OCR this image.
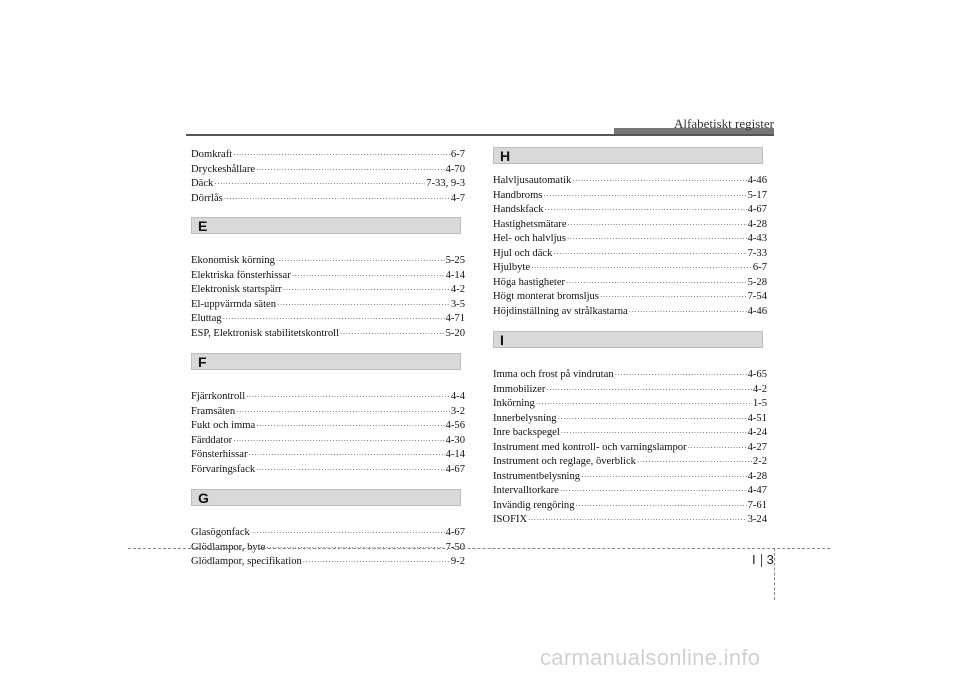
Alfabetiskt register
Domkraft ·····	6-7
Dryckeshållare ·····	4-70
Däck ·····	7-33, 9-3
Dörrlås ·····	4-7
E
Ekonomisk körning ·····	5-25
Elektriska fönsterhissar ·····	4-14
Elektronisk startspärr ·····	4-2
El-uppvärmda säten ·····	3-5
Eluttag ·····	4-71
ESP, Elektronisk stabilitetskontroll ·····	5-20
F
Fjärrkontroll ·····	4-4
Framsäten ·····	3-2
Fukt och imma ·····	4-56
Färddator ·····	4-30
Fönsterhissar ·····	4-14
Förvaringsfack ·····	4-67
G
Glasögonfack ·····	4-67
Glödlampor, byte ·····	7-50
Glödlampor, specifikation ·····	9-2
H
Halvljusautomatik ·····	4-46
Handbroms ·····	5-17
Handskfack ·····	4-67
Hastighetsmätare ·····	4-28
Hel- och halvljus ·····	4-43
Hjul och däck ·····	7-33
Hjulbyte ·····	6-7
Höga hastigheter ·····	5-28
Högt monterat bromsljus ·····	7-54
Höjdinställning av strålkastarna ·····	4-46
I
Imma och frost på vindrutan ·····	4-65
Immobilizer ·····	4-2
Inkörning ·····	1-5
Innerbelysning ·····	4-51
Inre backspegel ·····	4-24
Instrument med kontroll- och varningslampor ·····	4-27
Instrument och reglage, överblick ·····	2-2
Instrumentbelysning ·····	4-28
Intervalltorkare ·····	4-47
Invändig rengöring ·····	7-61
ISOFIX ·····	3-24
I 3
carmanualsonline.info
